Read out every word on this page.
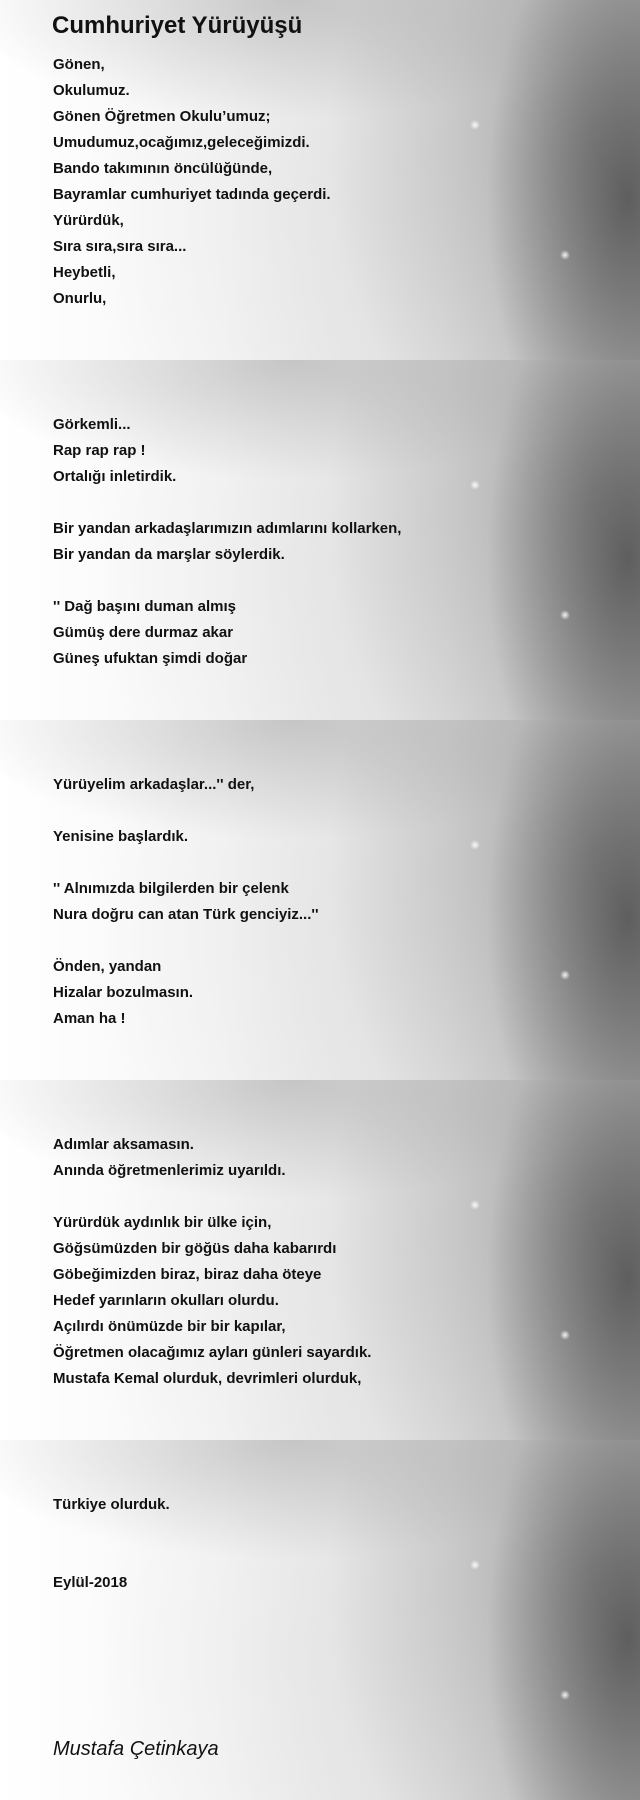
Cumhuriyet Yürüyüşü
Gönen,
Okulumuz.
Gönen Öğretmen Okulu’umuz;
Umudumuz,ocağımız,geleceğimizdi.
Bando takımının öncülüğünde,
Bayramlar cumhuriyet tadında geçerdi.
Yürürdük,
Sıra sıra,sıra sıra...
Heybetli,
Onurlu,
Görkemli...
Rap rap rap !
Ortalığı inletirdik.
Bir yandan arkadaşlarımızın adımlarını kollarken,
Bir yandan da marşlar söylerdik.
'' Dağ başını duman almış
Gümüş dere durmaz akar
Güneş ufuktan şimdi doğar
Yürüyelim arkadaşlar...'' der,
Yenisine başlardık.
'' Alnımızda bilgilerden bir çelenk
Nura doğru can atan Türk genciyiz...''
Önden, yandan
Hizalar bozulmasın.
Aman ha !
Adımlar aksamasın.
Anında öğretmenlerimiz uyarıldı.
Yürürdük aydınlık bir ülke için,
Göğsümüzden bir göğüs daha kabarırdı
Göbeğimizden biraz, biraz daha öteye
Hedef yarınların okulları olurdu.
Açılırdı önümüzde bir bir kapılar,
Öğretmen olacağımız ayları günleri sayardık.
Mustafa Kemal olurduk, devrimleri olurduk,
Türkiye olurduk.
Eylül-2018
Mustafa Çetinkaya
